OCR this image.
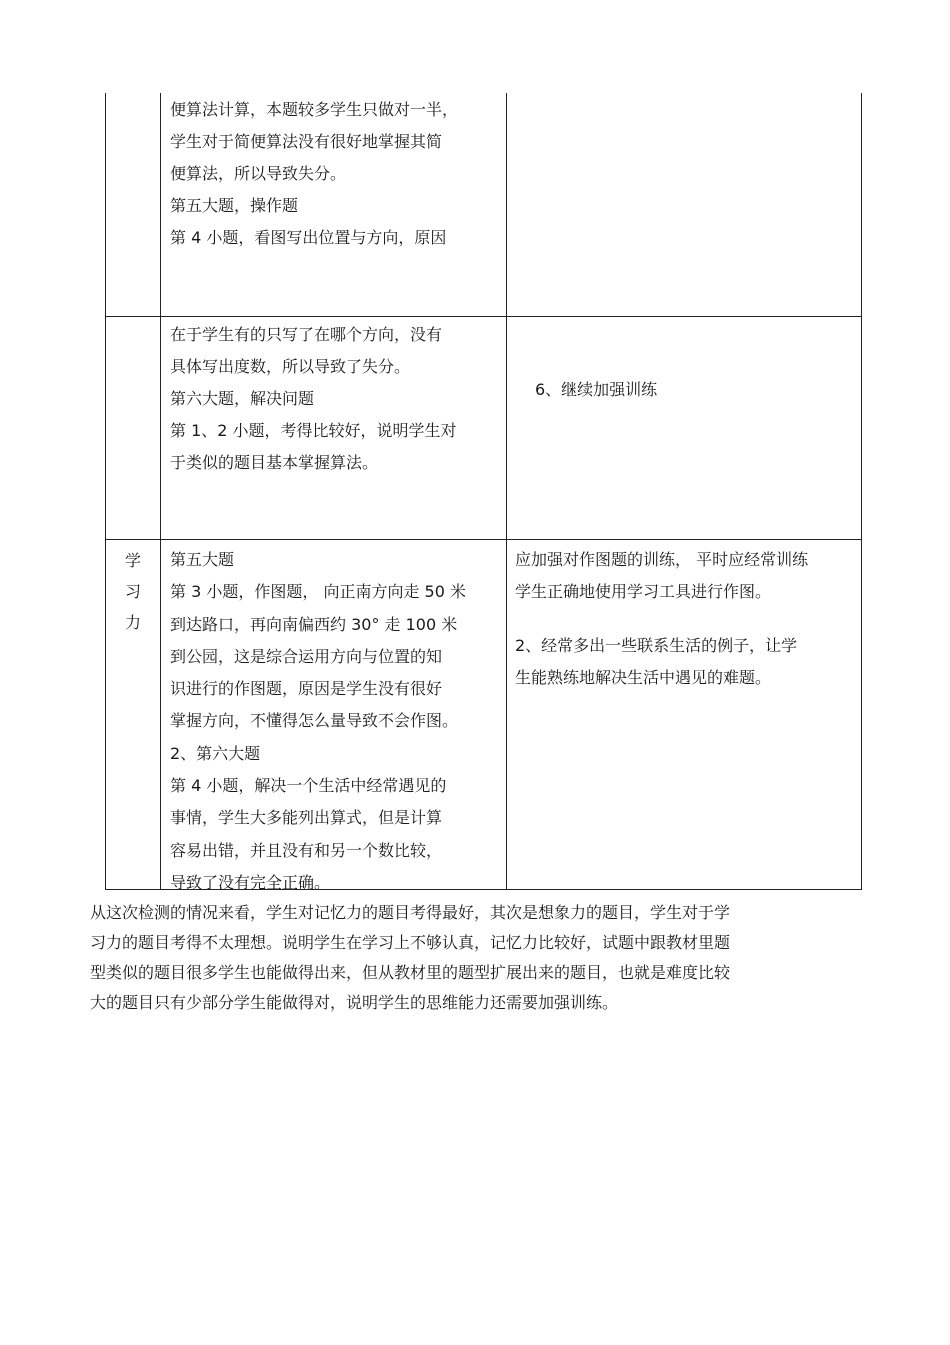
便算法计算，本题较多学生只做对一半，
学生对于简便算法没有很好地掌握其简
便算法，所以导致失分。
第五大题，操作题
第 4 小题，看图写出位置与方向，原因
在于学生有的只写了在哪个方向，没有
具体写出度数，所以导致了失分。
第六大题，解决问题
第 1、2 小题，考得比较好，说明学生对
于类似的题目基本掌握算法。
6、继续加强训练
学
习
力
第五大题
第 3 小题，作图题， 向正南方向走 50 米
到达路口，再向南偏西约 30° 走 100 米
到公园，这是综合运用方向与位置的知
识进行的作图题，原因是学生没有很好
掌握方向，不懂得怎么量导致不会作图。
2、第六大题
第 4 小题，解决一个生活中经常遇见的
事情，学生大多能列出算式，但是计算
容易出错，并且没有和另一个数比较，
导致了没有完全正确。
应加强对作图题的训练， 平时应经常训练
学生正确地使用学习工具进行作图。
2、经常多出一些联系生活的例子，让学
生能熟练地解决生活中遇见的难题。
从这次检测的情况来看，学生对记忆力的题目考得最好，其次是想象力的题目，学生对于学
习力的题目考得不太理想。说明学生在学习上不够认真，记忆力比较好，试题中跟教材里题
型类似的题目很多学生也能做得出来，但从教材里的题型扩展出来的题目，也就是难度比较
大的题目只有少部分学生能做得对，说明学生的思维能力还需要加强训练。
